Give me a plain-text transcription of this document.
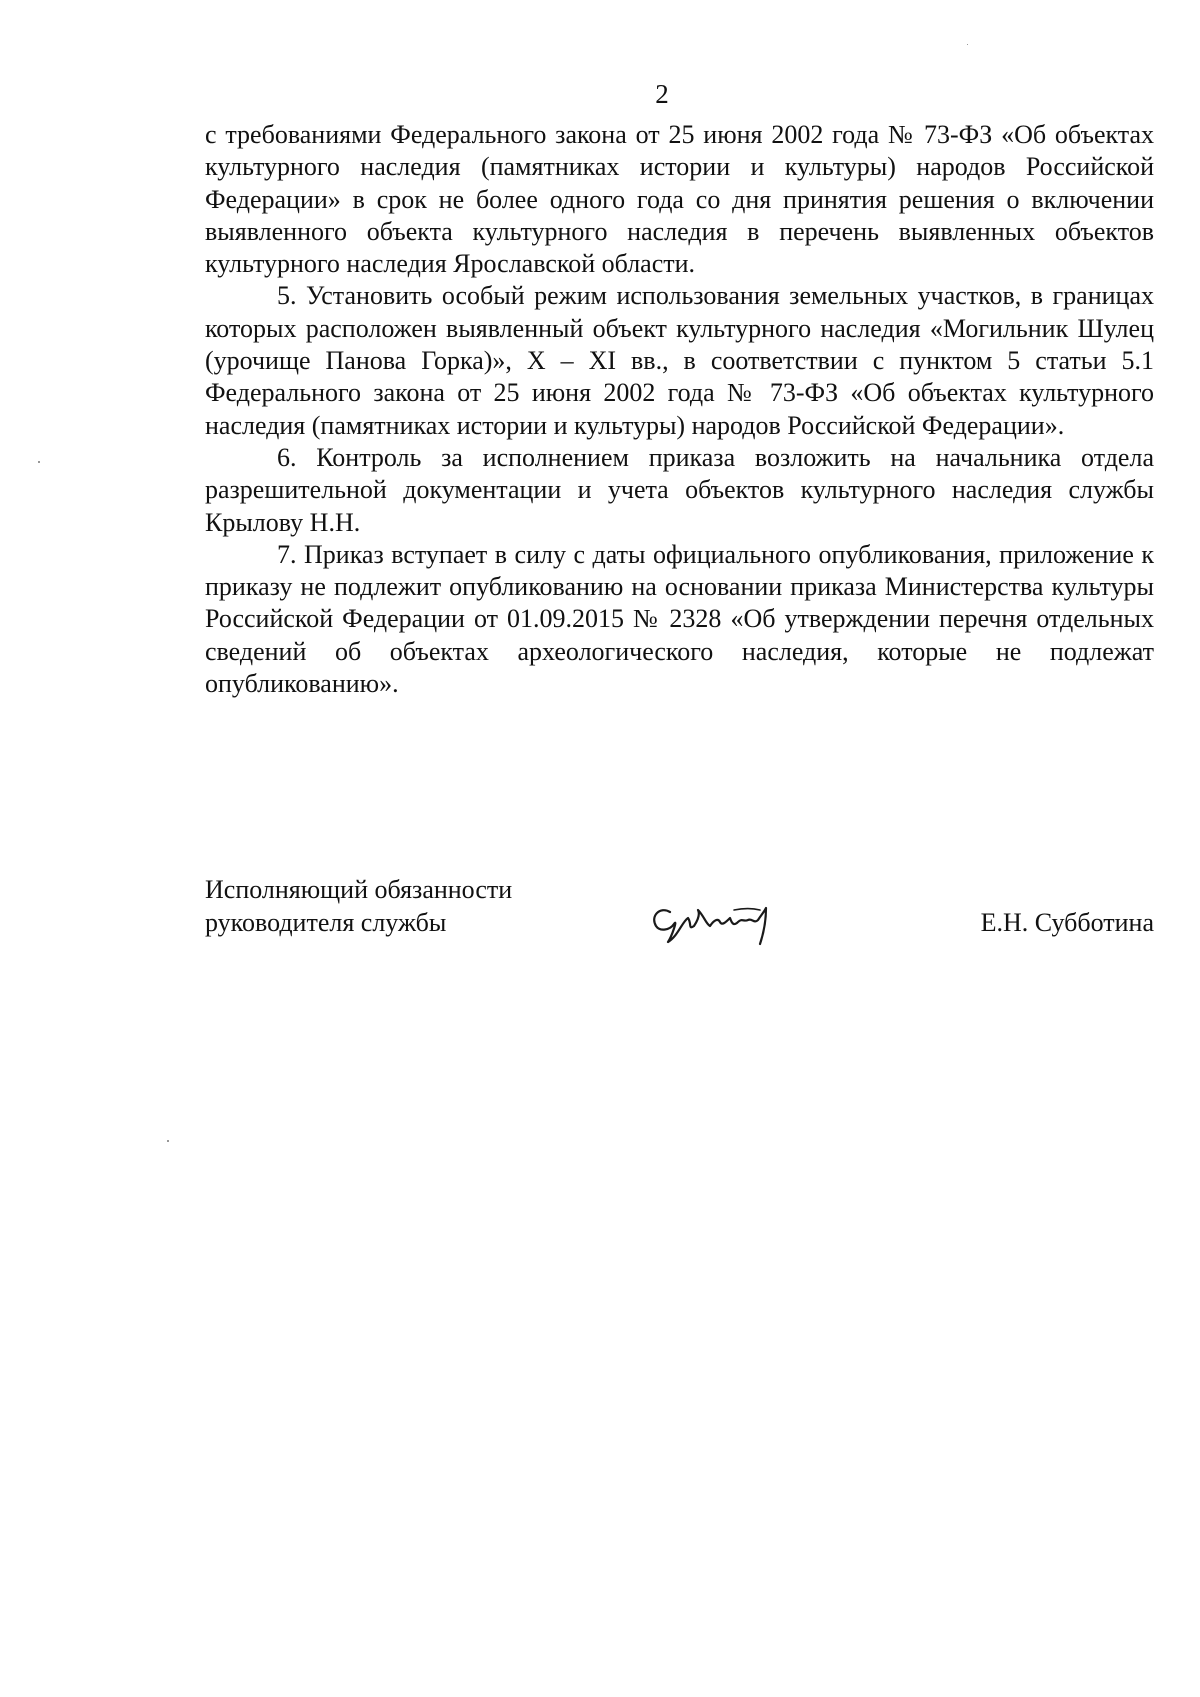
2

с требованиями Федерального закона от 25 июня 2002 года № 73-ФЗ «Об объектах культурного наследия (памятниках истории и культуры) народов Российской Федерации» в срок не более одного года со дня принятия решения о включении выявленного объекта культурного наследия в перечень выявленных объектов культурного наследия Ярославской области.

5. Установить особый режим использования земельных участков, в границах которых расположен выявленный объект культурного наследия «Могильник Шулец (урочище Панова Горка)», X – XI вв., в соответствии с пунктом 5 статьи 5.1 Федерального закона от 25 июня 2002 года № 73-ФЗ «Об объектах культурного наследия (памятниках истории и культуры) народов Российской Федерации».

6. Контроль за исполнением приказа возложить на начальника отдела разрешительной документации и учета объектов культурного наследия службы Крылову Н.Н.

7. Приказ вступает в силу с даты официального опубликования, приложение к приказу не подлежит опубликованию на основании приказа Министерства культуры Российской Федерации от 01.09.2015 № 2328 «Об утверждении перечня отдельных сведений об объектах археологического наследия, которые не подлежат опубликованию».

Исполняющий обязанности
руководителя службы	Е.Н. Субботина
